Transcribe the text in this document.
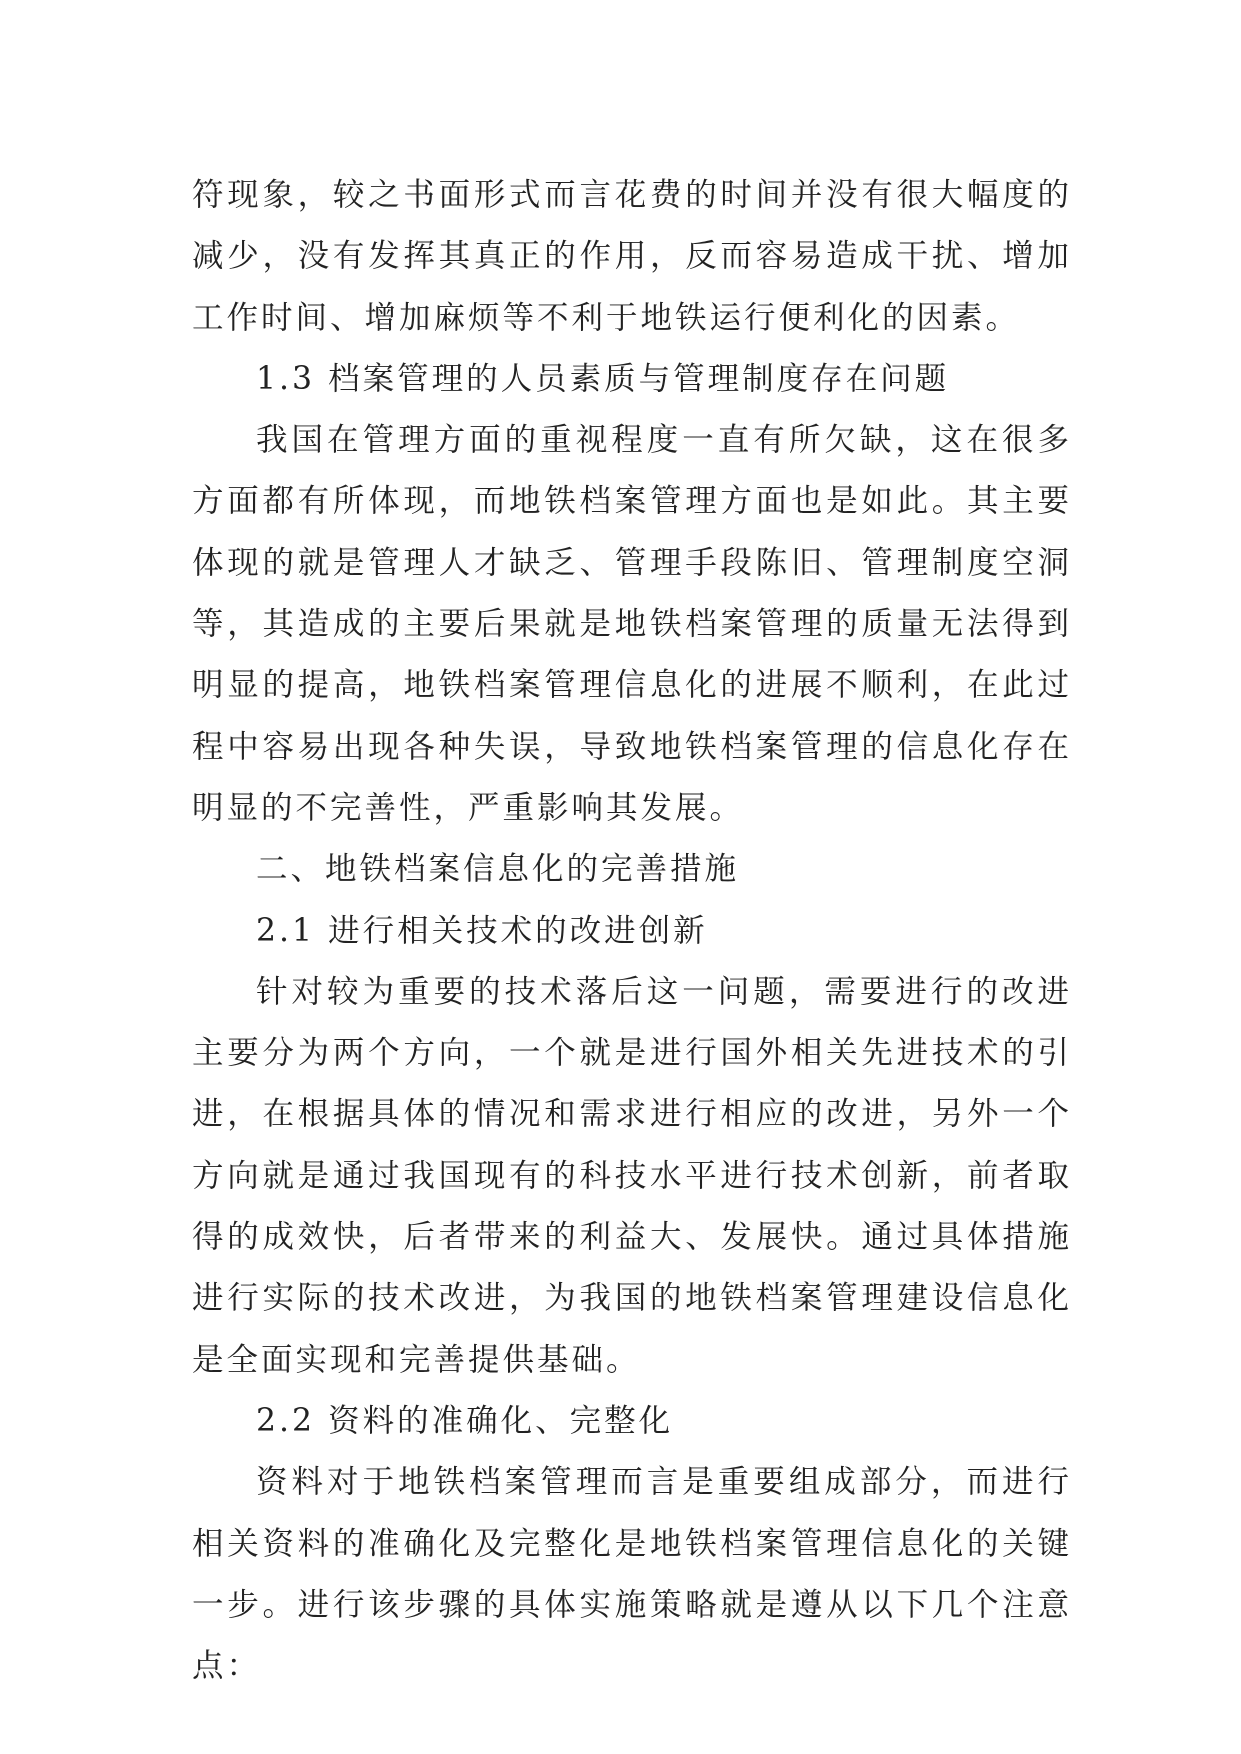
符现象，较之书面形式而言花费的时间并没有很大幅度的减少，没有发挥其真正的作用，反而容易造成干扰、增加工作时间、增加麻烦等不利于地铁运行便利化的因素。

1.3 档案管理的人员素质与管理制度存在问题

我国在管理方面的重视程度一直有所欠缺，这在很多方面都有所体现，而地铁档案管理方面也是如此。其主要体现的就是管理人才缺乏、管理手段陈旧、管理制度空洞等，其造成的主要后果就是地铁档案管理的质量无法得到明显的提高，地铁档案管理信息化的进展不顺利，在此过程中容易出现各种失误，导致地铁档案管理的信息化存在明显的不完善性，严重影响其发展。

二、地铁档案信息化的完善措施

2.1 进行相关技术的改进创新

针对较为重要的技术落后这一问题，需要进行的改进主要分为两个方向，一个就是进行国外相关先进技术的引进，在根据具体的情况和需求进行相应的改进，另外一个方向就是通过我国现有的科技水平进行技术创新，前者取得的成效快，后者带来的利益大、发展快。通过具体措施进行实际的技术改进，为我国的地铁档案管理建设信息化是全面实现和完善提供基础。

2.2 资料的准确化、完整化

资料对于地铁档案管理而言是重要组成部分，而进行相关资料的准确化及完整化是地铁档案管理信息化的关键一步。进行该步骤的具体实施策略就是遵从以下几个注意点：
